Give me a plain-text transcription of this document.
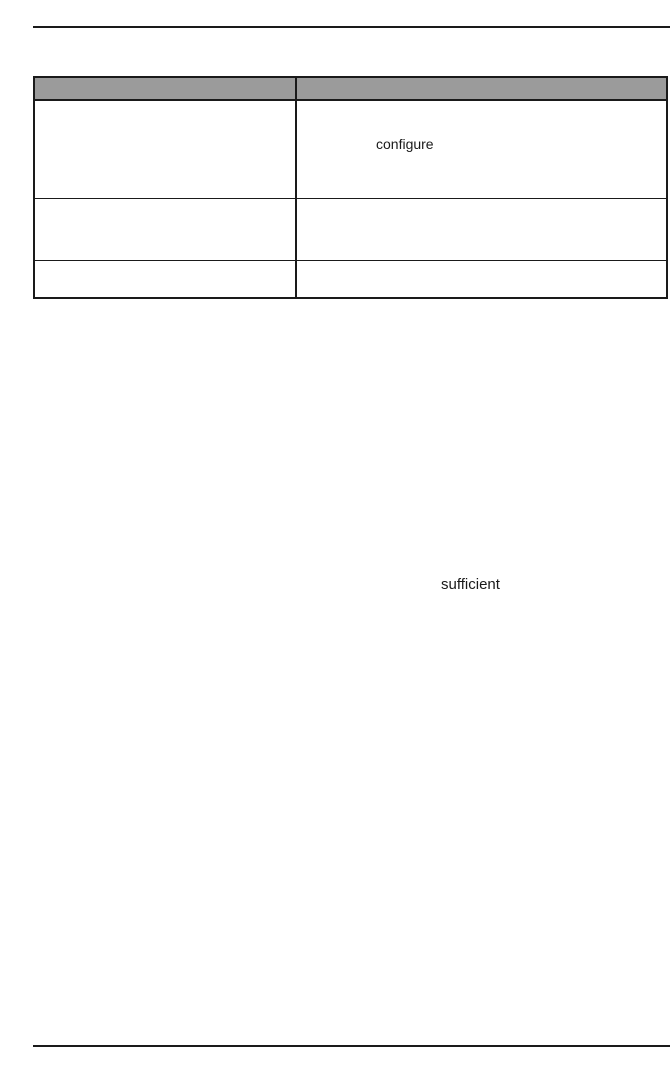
configure
sufficient
